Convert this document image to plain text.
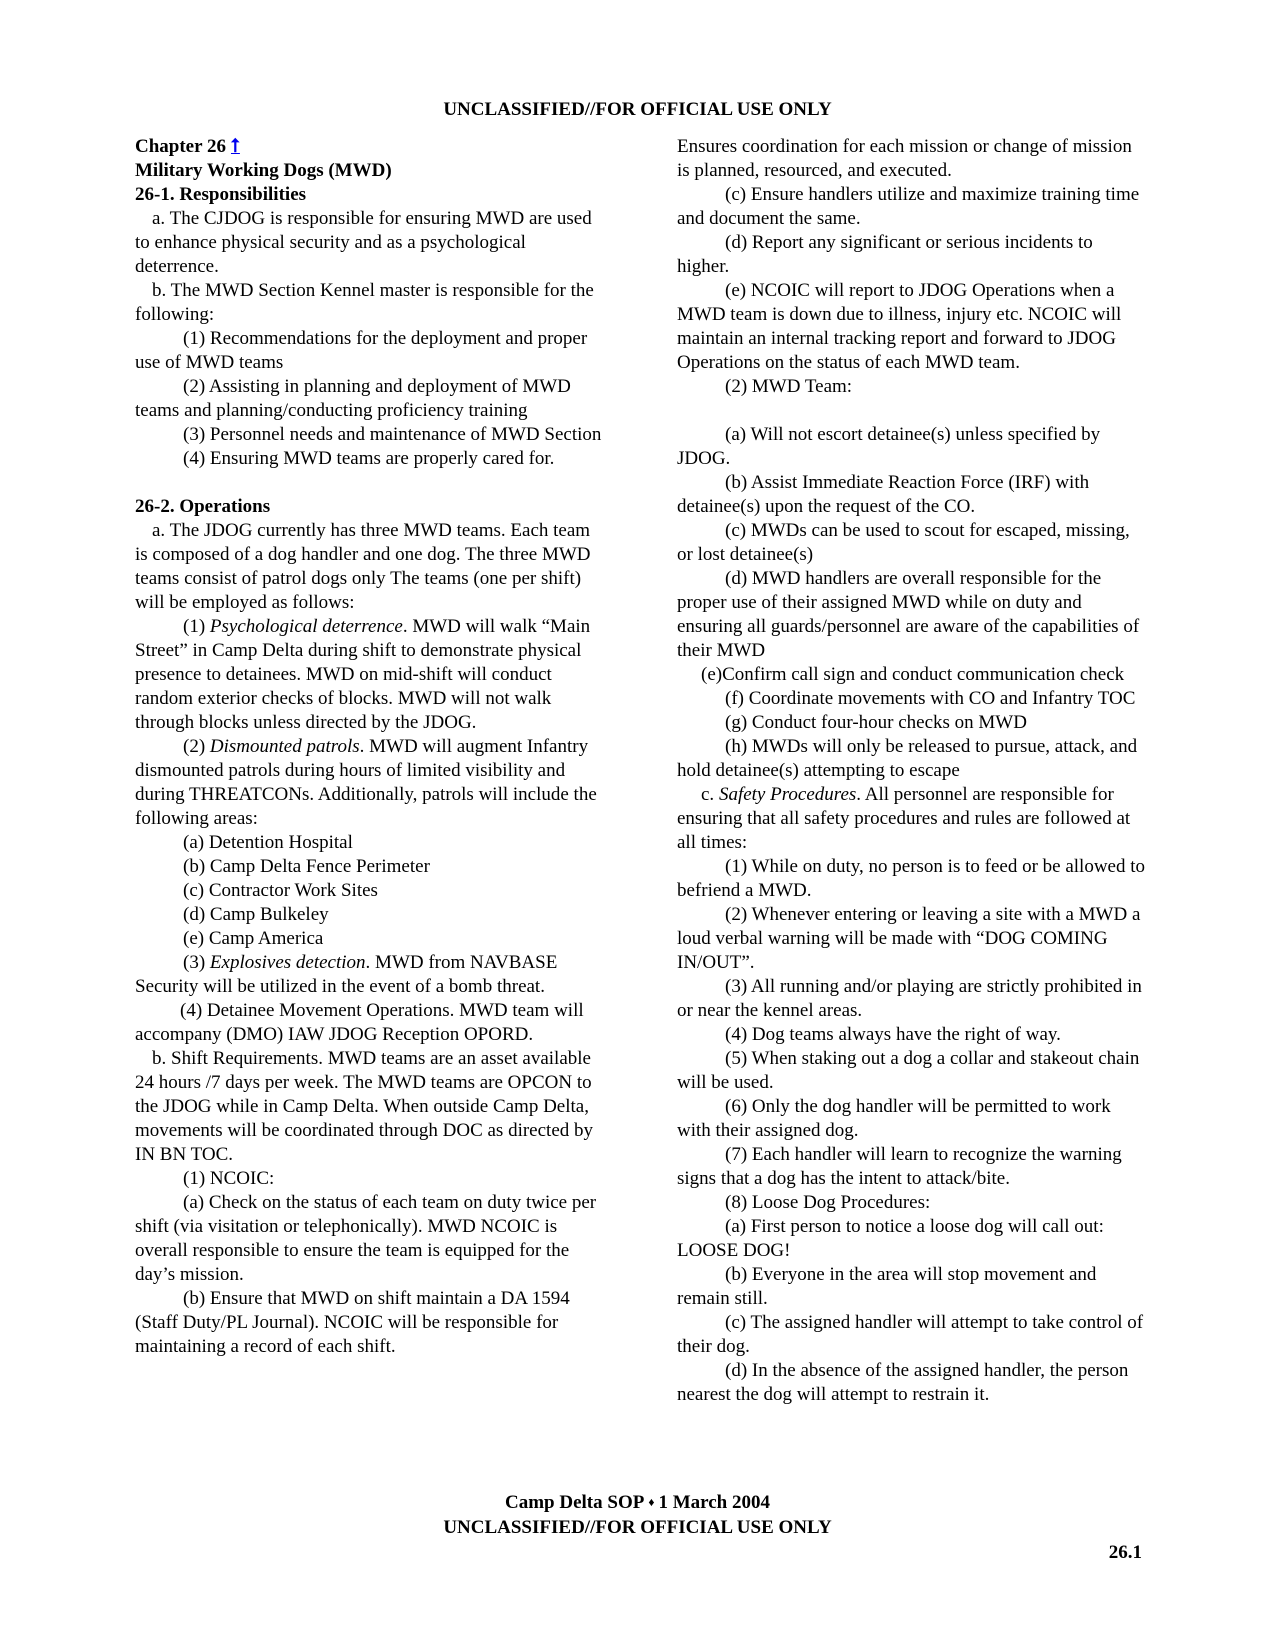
UNCLASSIFIED//FOR OFFICIAL USE ONLY

Chapter 26 ⭡

Military Working Dogs (MWD)

26-1. Responsibilities

a. The CJDOG is responsible for ensuring MWD are used to enhance physical security and as a psychological deterrence.

b. The MWD Section Kennel master is responsible for the following:

(1) Recommendations for the deployment and proper use of MWD teams

(2) Assisting in planning and deployment of MWD teams and planning/conducting proficiency training

(3) Personnel needs and maintenance of MWD Section

(4) Ensuring MWD teams are properly cared for.

26-2. Operations

a. The JDOG currently has three MWD teams. Each team is composed of a dog handler and one dog. The three MWD teams consist of patrol dogs only The teams (one per shift) will be employed as follows:

(1) Psychological deterrence. MWD will walk “Main Street” in Camp Delta during shift to demonstrate physical presence to detainees. MWD on mid-shift will conduct random exterior checks of blocks. MWD will not walk through blocks unless directed by the JDOG.

(2) Dismounted patrols. MWD will augment Infantry dismounted patrols during hours of limited visibility and during THREATCONs. Additionally, patrols will include the following areas:

(a) Detention Hospital

(b) Camp Delta Fence Perimeter

(c) Contractor Work Sites

(d) Camp Bulkeley

(e) Camp America

(3) Explosives detection. MWD from NAVBASE Security will be utilized in the event of a bomb threat.

(4) Detainee Movement Operations. MWD team will accompany (DMO) IAW JDOG Reception OPORD.

b. Shift Requirements. MWD teams are an asset available 24 hours /7 days per week. The MWD teams are OPCON to the JDOG while in Camp Delta. When outside Camp Delta, movements will be coordinated through DOC as directed by IN BN TOC.

(1) NCOIC:

(a) Check on the status of each team on duty twice per shift (via visitation or telephonically). MWD NCOIC is overall responsible to ensure the team is equipped for the day’s mission.

(b) Ensure that MWD on shift maintain a DA 1594 (Staff Duty/PL Journal). NCOIC will be responsible for maintaining a record of each shift.

Ensures coordination for each mission or change of mission is planned, resourced, and executed.

(c) Ensure handlers utilize and maximize training time and document the same.

(d) Report any significant or serious incidents to higher.

(e) NCOIC will report to JDOG Operations when a MWD team is down due to illness, injury etc. NCOIC will maintain an internal tracking report and forward to JDOG Operations on the status of each MWD team.

(2) MWD Team:

(a) Will not escort detainee(s) unless specified by JDOG.

(b) Assist Immediate Reaction Force (IRF) with detainee(s) upon the request of the CO.

(c) MWDs can be used to scout for escaped, missing, or lost detainee(s)

(d) MWD handlers are overall responsible for the proper use of their assigned MWD while on duty and ensuring all guards/personnel are aware of the capabilities of their MWD

(e)Confirm call sign and conduct communication check

(f) Coordinate movements with CO and Infantry TOC

(g) Conduct four-hour checks on MWD

(h) MWDs will only be released to pursue, attack, and hold detainee(s) attempting to escape

c. Safety Procedures. All personnel are responsible for ensuring that all safety procedures and rules are followed at all times:

(1) While on duty, no person is to feed or be allowed to befriend a MWD.

(2) Whenever entering or leaving a site with a MWD a loud verbal warning will be made with “DOG COMING IN/OUT”.

(3) All running and/or playing are strictly prohibited in or near the kennel areas.

(4) Dog teams always have the right of way.

(5) When staking out a dog a collar and stakeout chain will be used.

(6) Only the dog handler will be permitted to work with their assigned dog.

(7) Each handler will learn to recognize the warning signs that a dog has the intent to attack/bite.

(8) Loose Dog Procedures:

(a) First person to notice a loose dog will call out: LOOSE DOG!

(b) Everyone in the area will stop movement and remain still.

(c) The assigned handler will attempt to take control of their dog.

(d) In the absence of the assigned handler, the person nearest the dog will attempt to restrain it.

Camp Delta SOP ♦ 1 March 2004

UNCLASSIFIED//FOR OFFICIAL USE ONLY

26.1
